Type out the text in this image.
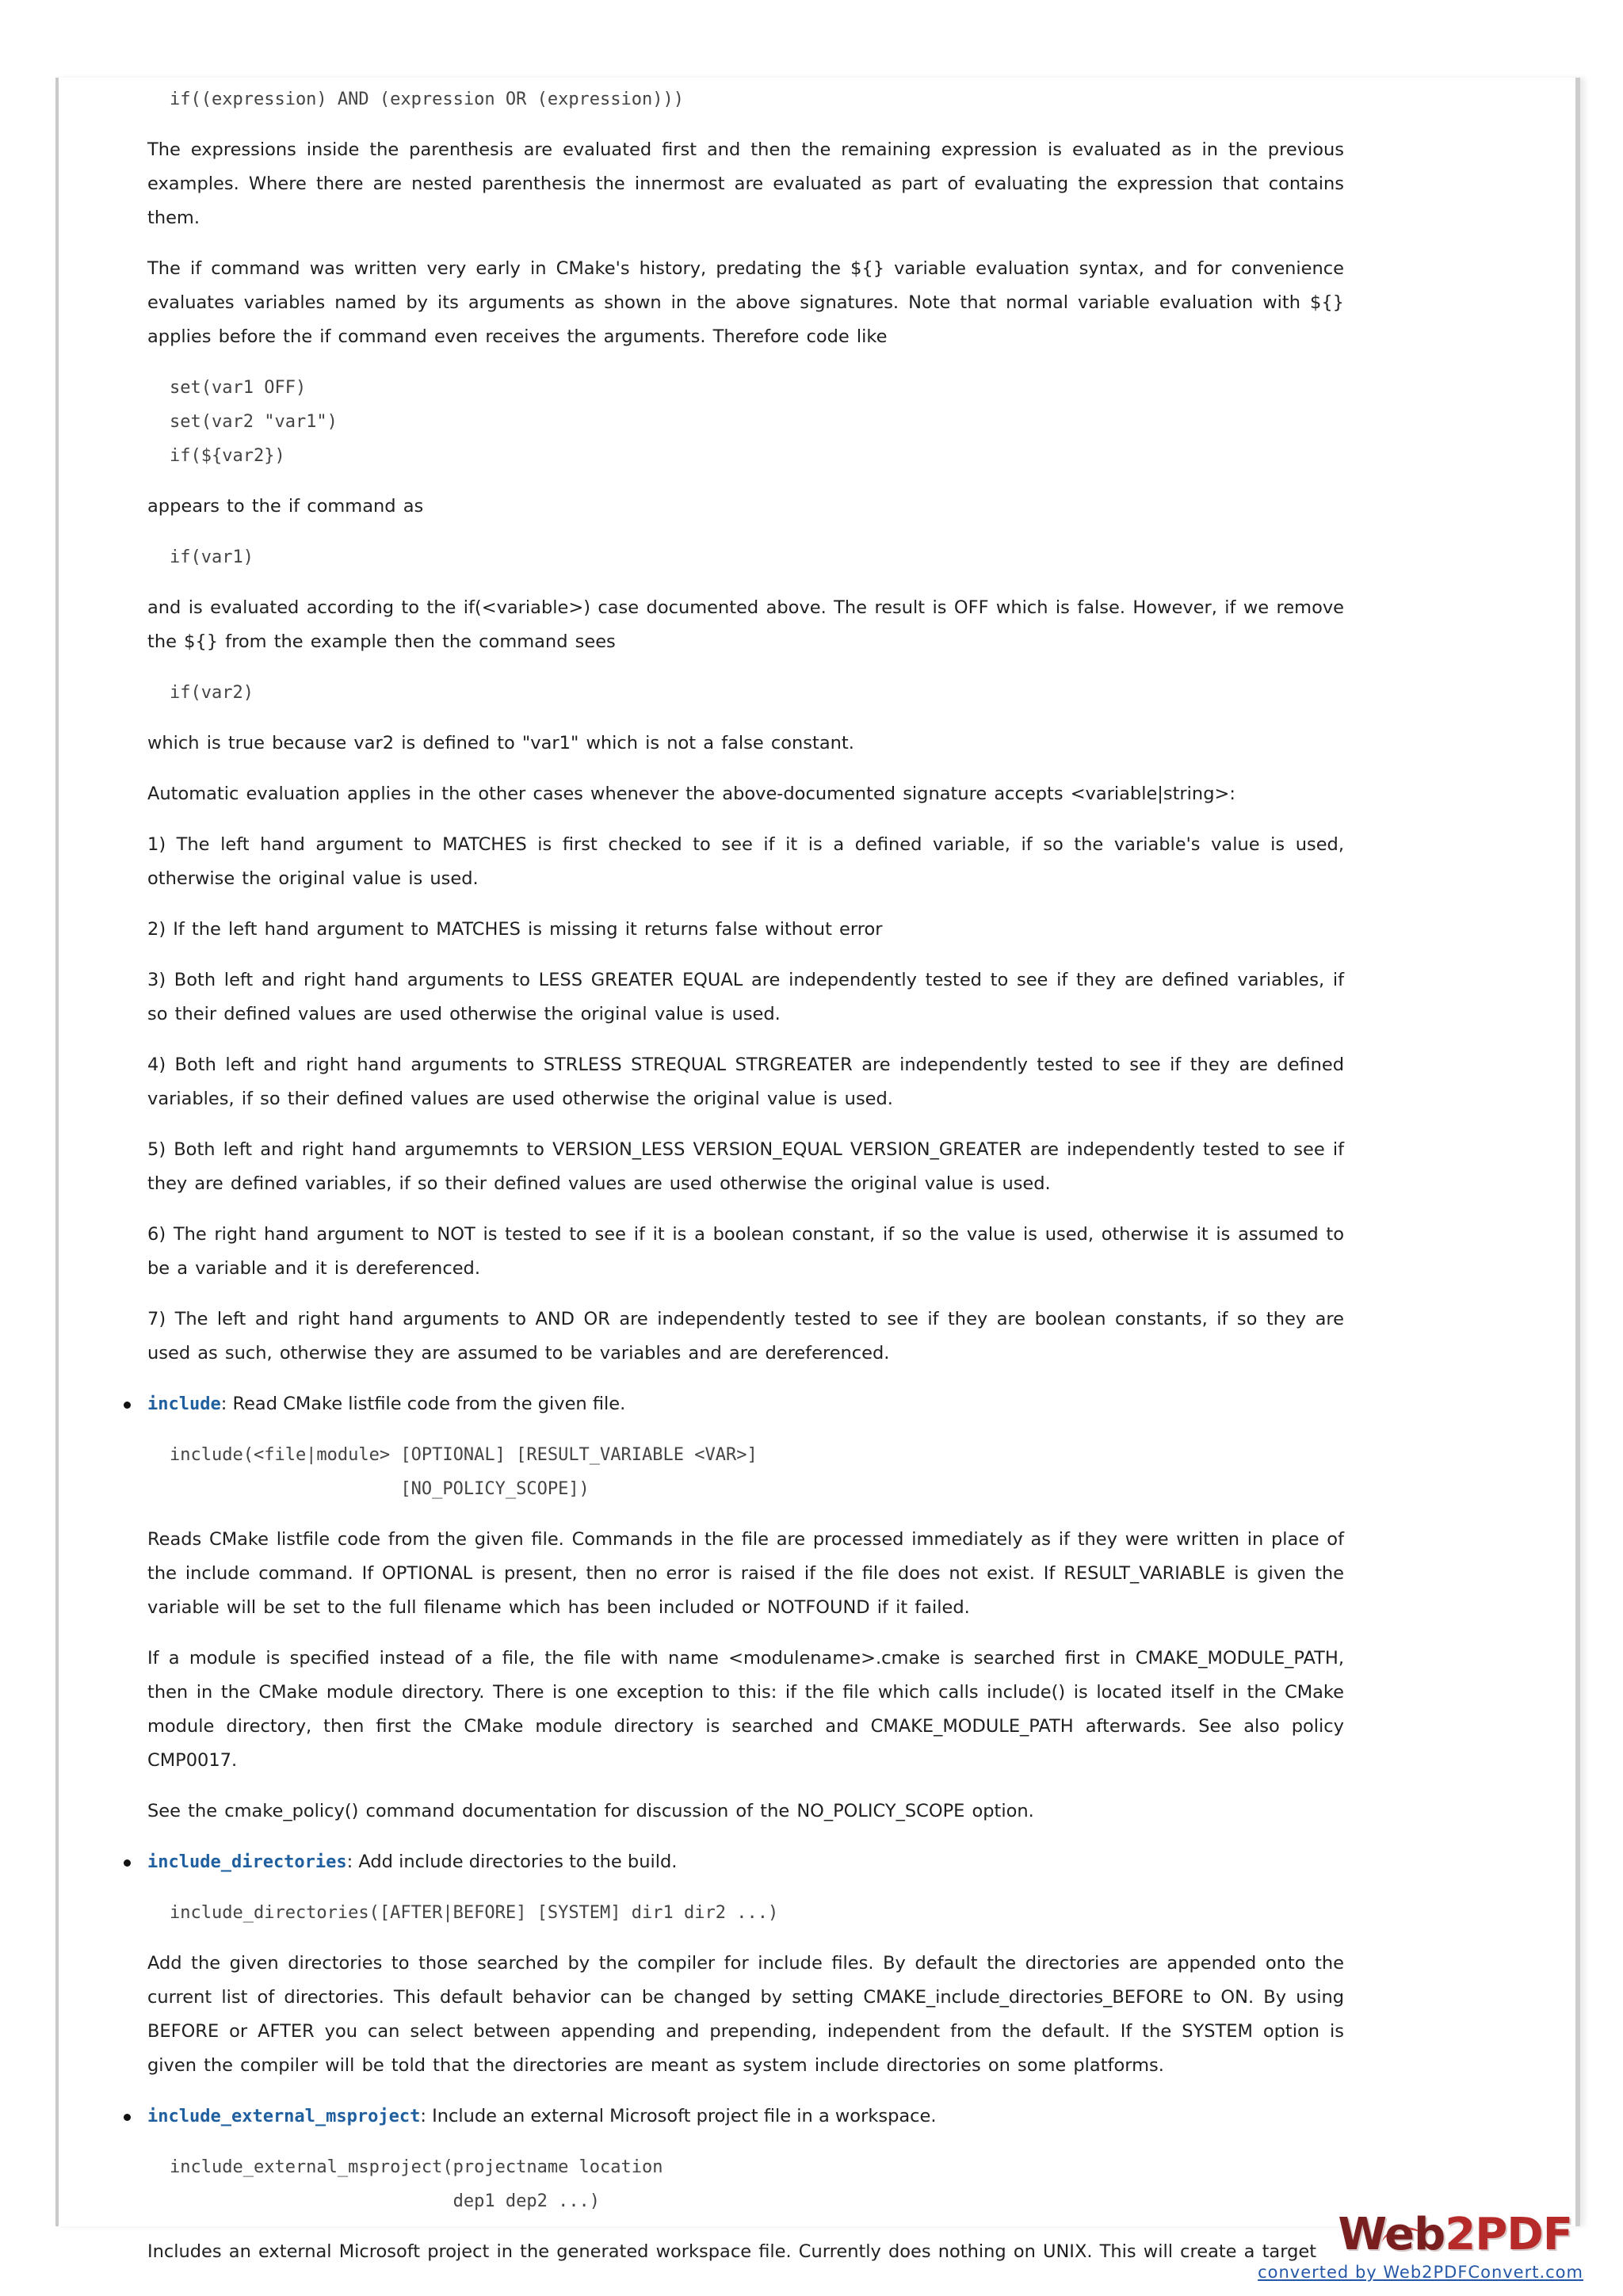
if((expression) AND (expression OR (expression)))

The expressions inside the parenthesis are evaluated first and then the remaining expression is evaluated as in the previous examples. Where there are nested parenthesis the innermost are evaluated as part of evaluating the expression that contains them.

The if command was written very early in CMake's history, predating the ${} variable evaluation syntax, and for convenience evaluates variables named by its arguments as shown in the above signatures. Note that normal variable evaluation with ${} applies before the if command even receives the arguments. Therefore code like

set(var1 OFF)
set(var2 "var1")
if(${var2})

appears to the if command as

if(var1)

and is evaluated according to the if(<variable>) case documented above. The result is OFF which is false. However, if we remove the ${} from the example then the command sees

if(var2)

which is true because var2 is defined to "var1" which is not a false constant.

Automatic evaluation applies in the other cases whenever the above-documented signature accepts <variable|string>:

1) The left hand argument to MATCHES is first checked to see if it is a defined variable, if so the variable's value is used, otherwise the original value is used.

2) If the left hand argument to MATCHES is missing it returns false without error

3) Both left and right hand arguments to LESS GREATER EQUAL are independently tested to see if they are defined variables, if so their defined values are used otherwise the original value is used.

4) Both left and right hand arguments to STRLESS STREQUAL STRGREATER are independently tested to see if they are defined variables, if so their defined values are used otherwise the original value is used.

5) Both left and right hand argumemnts to VERSION_LESS VERSION_EQUAL VERSION_GREATER are independently tested to see if they are defined variables, if so their defined values are used otherwise the original value is used.

6) The right hand argument to NOT is tested to see if it is a boolean constant, if so the value is used, otherwise it is assumed to be a variable and it is dereferenced.

7) The left and right hand arguments to AND OR are independently tested to see if they are boolean constants, if so they are used as such, otherwise they are assumed to be variables and are dereferenced.

include: Read CMake listfile code from the given file.
include(<file|module> [OPTIONAL] [RESULT_VARIABLE <VAR>]
[NO_POLICY_SCOPE])

Reads CMake listfile code from the given file. Commands in the file are processed immediately as if they were written in place of the include command. If OPTIONAL is present, then no error is raised if the file does not exist. If RESULT_VARIABLE is given the variable will be set to the full filename which has been included or NOTFOUND if it failed.

If a module is specified instead of a file, the file with name <modulename>.cmake is searched first in CMAKE_MODULE_PATH, then in the CMake module directory. There is one exception to this: if the file which calls include() is located itself in the CMake module directory, then first the CMake module directory is searched and CMAKE_MODULE_PATH afterwards. See also policy CMP0017.

See the cmake_policy() command documentation for discussion of the NO_POLICY_SCOPE option.

include_directories: Add include directories to the build.
include_directories([AFTER|BEFORE] [SYSTEM] dir1 dir2 ...)

Add the given directories to those searched by the compiler for include files. By default the directories are appended onto the current list of directories. This default behavior can be changed by setting CMAKE_include_directories_BEFORE to ON. By using BEFORE or AFTER you can select between appending and prepending, independent from the default. If the SYSTEM option is given the compiler will be told that the directories are meant as system include directories on some platforms.

include_external_msproject: Include an external Microsoft project file in a workspace.
include_external_msproject(projectname location
dep1 dep2 ...)

Includes an external Microsoft project in the generated workspace file. Currently does nothing on UNIX. This will create a target Web2PDF
converted by Web2PDFConvert.com
